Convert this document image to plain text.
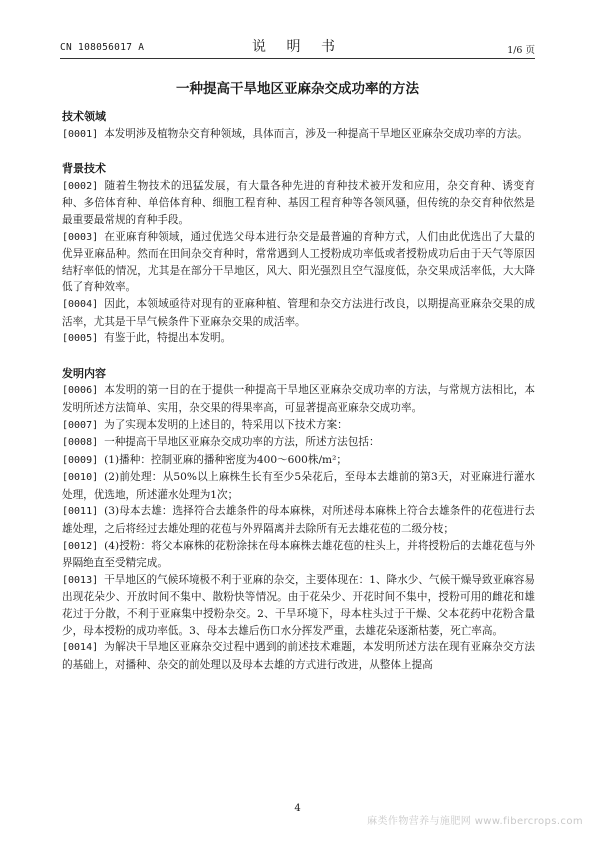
CN 108056017 A	说 明 书	1/6 页
一种提高干旱地区亚麻杂交成功率的方法
技术领域

[0001] 本发明涉及植物杂交育种领域，具体而言，涉及一种提高干旱地区亚麻杂交成功率的方法。

背景技术

[0002] 随着生物技术的迅猛发展，有大量各种先进的育种技术被开发和应用，杂交育种、诱变育种、多倍体育种、单倍体育种、细胞工程育种、基因工程育种等各领风骚，但传统的杂交育种依然是最重要最常规的育种手段。

[0003] 在亚麻育种领域，通过优选父母本进行杂交是最普遍的育种方式，人们由此优选出了大量的优异亚麻品种。然而在田间杂交育种时，常常遇到人工授粉成功率低或者授粉成功后由于天气等原因结籽率低的情况，尤其是在部分干旱地区，风大、阳光强烈且空气湿度低，杂交果成活率低，大大降低了育种效率。

[0004] 因此，本领域亟待对现有的亚麻种植、管理和杂交方法进行改良，以期提高亚麻杂交果的成活率，尤其是干旱气候条件下亚麻杂交果的成活率。

[0005] 有鉴于此，特提出本发明。

发明内容

[0006] 本发明的第一目的在于提供一种提高干旱地区亚麻杂交成功率的方法，与常规方法相比，本发明所述方法简单、实用，杂交果的得果率高，可显著提高亚麻杂交成功率。

[0007] 为了实现本发明的上述目的，特采用以下技术方案：

[0008] 一种提高干旱地区亚麻杂交成功率的方法，所述方法包括：

[0009] (1)播种：控制亚麻的播种密度为400～600株/m²；

[0010] (2)前处理：从50%以上麻株生长有至少5朵花后，至母本去雄前的第3天，对亚麻进行灌水处理，优选地，所述灌水处理为1次；

[0011] (3)母本去雄：选择符合去雄条件的母本麻株，对所述母本麻株上符合去雄条件的花苞进行去雄处理，之后将经过去雄处理的花苞与外界隔离并去除所有无去雄花苞的二级分枝；

[0012] (4)授粉：将父本麻株的花粉涂抹在母本麻株去雄花苞的柱头上，并将授粉后的去雄花苞与外界隔绝直至受精完成。

[0013] 干旱地区的气候环境极不利于亚麻的杂交，主要体现在：1、降水少、气候干燥导致亚麻容易出现花朵少、开放时间不集中、散粉快等情况。由于花朵少、开花时间不集中，授粉可用的雌花和雄花过于分散，不利于亚麻集中授粉杂交。2、干旱环境下，母本柱头过于干燥、父本花药中花粉含量少，母本授粉的成功率低。3、母本去雄后伤口水分挥发严重，去雄花朵逐渐枯萎，死亡率高。

[0014] 为解决干旱地区亚麻杂交过程中遇到的前述技术难题，本发明所述方法在现有亚麻杂交方法的基础上，对播种、杂交的前处理以及母本去雄的方式进行改进，从整体上提高

4
麻类作物营养与施肥网 www.fibercrops.com
